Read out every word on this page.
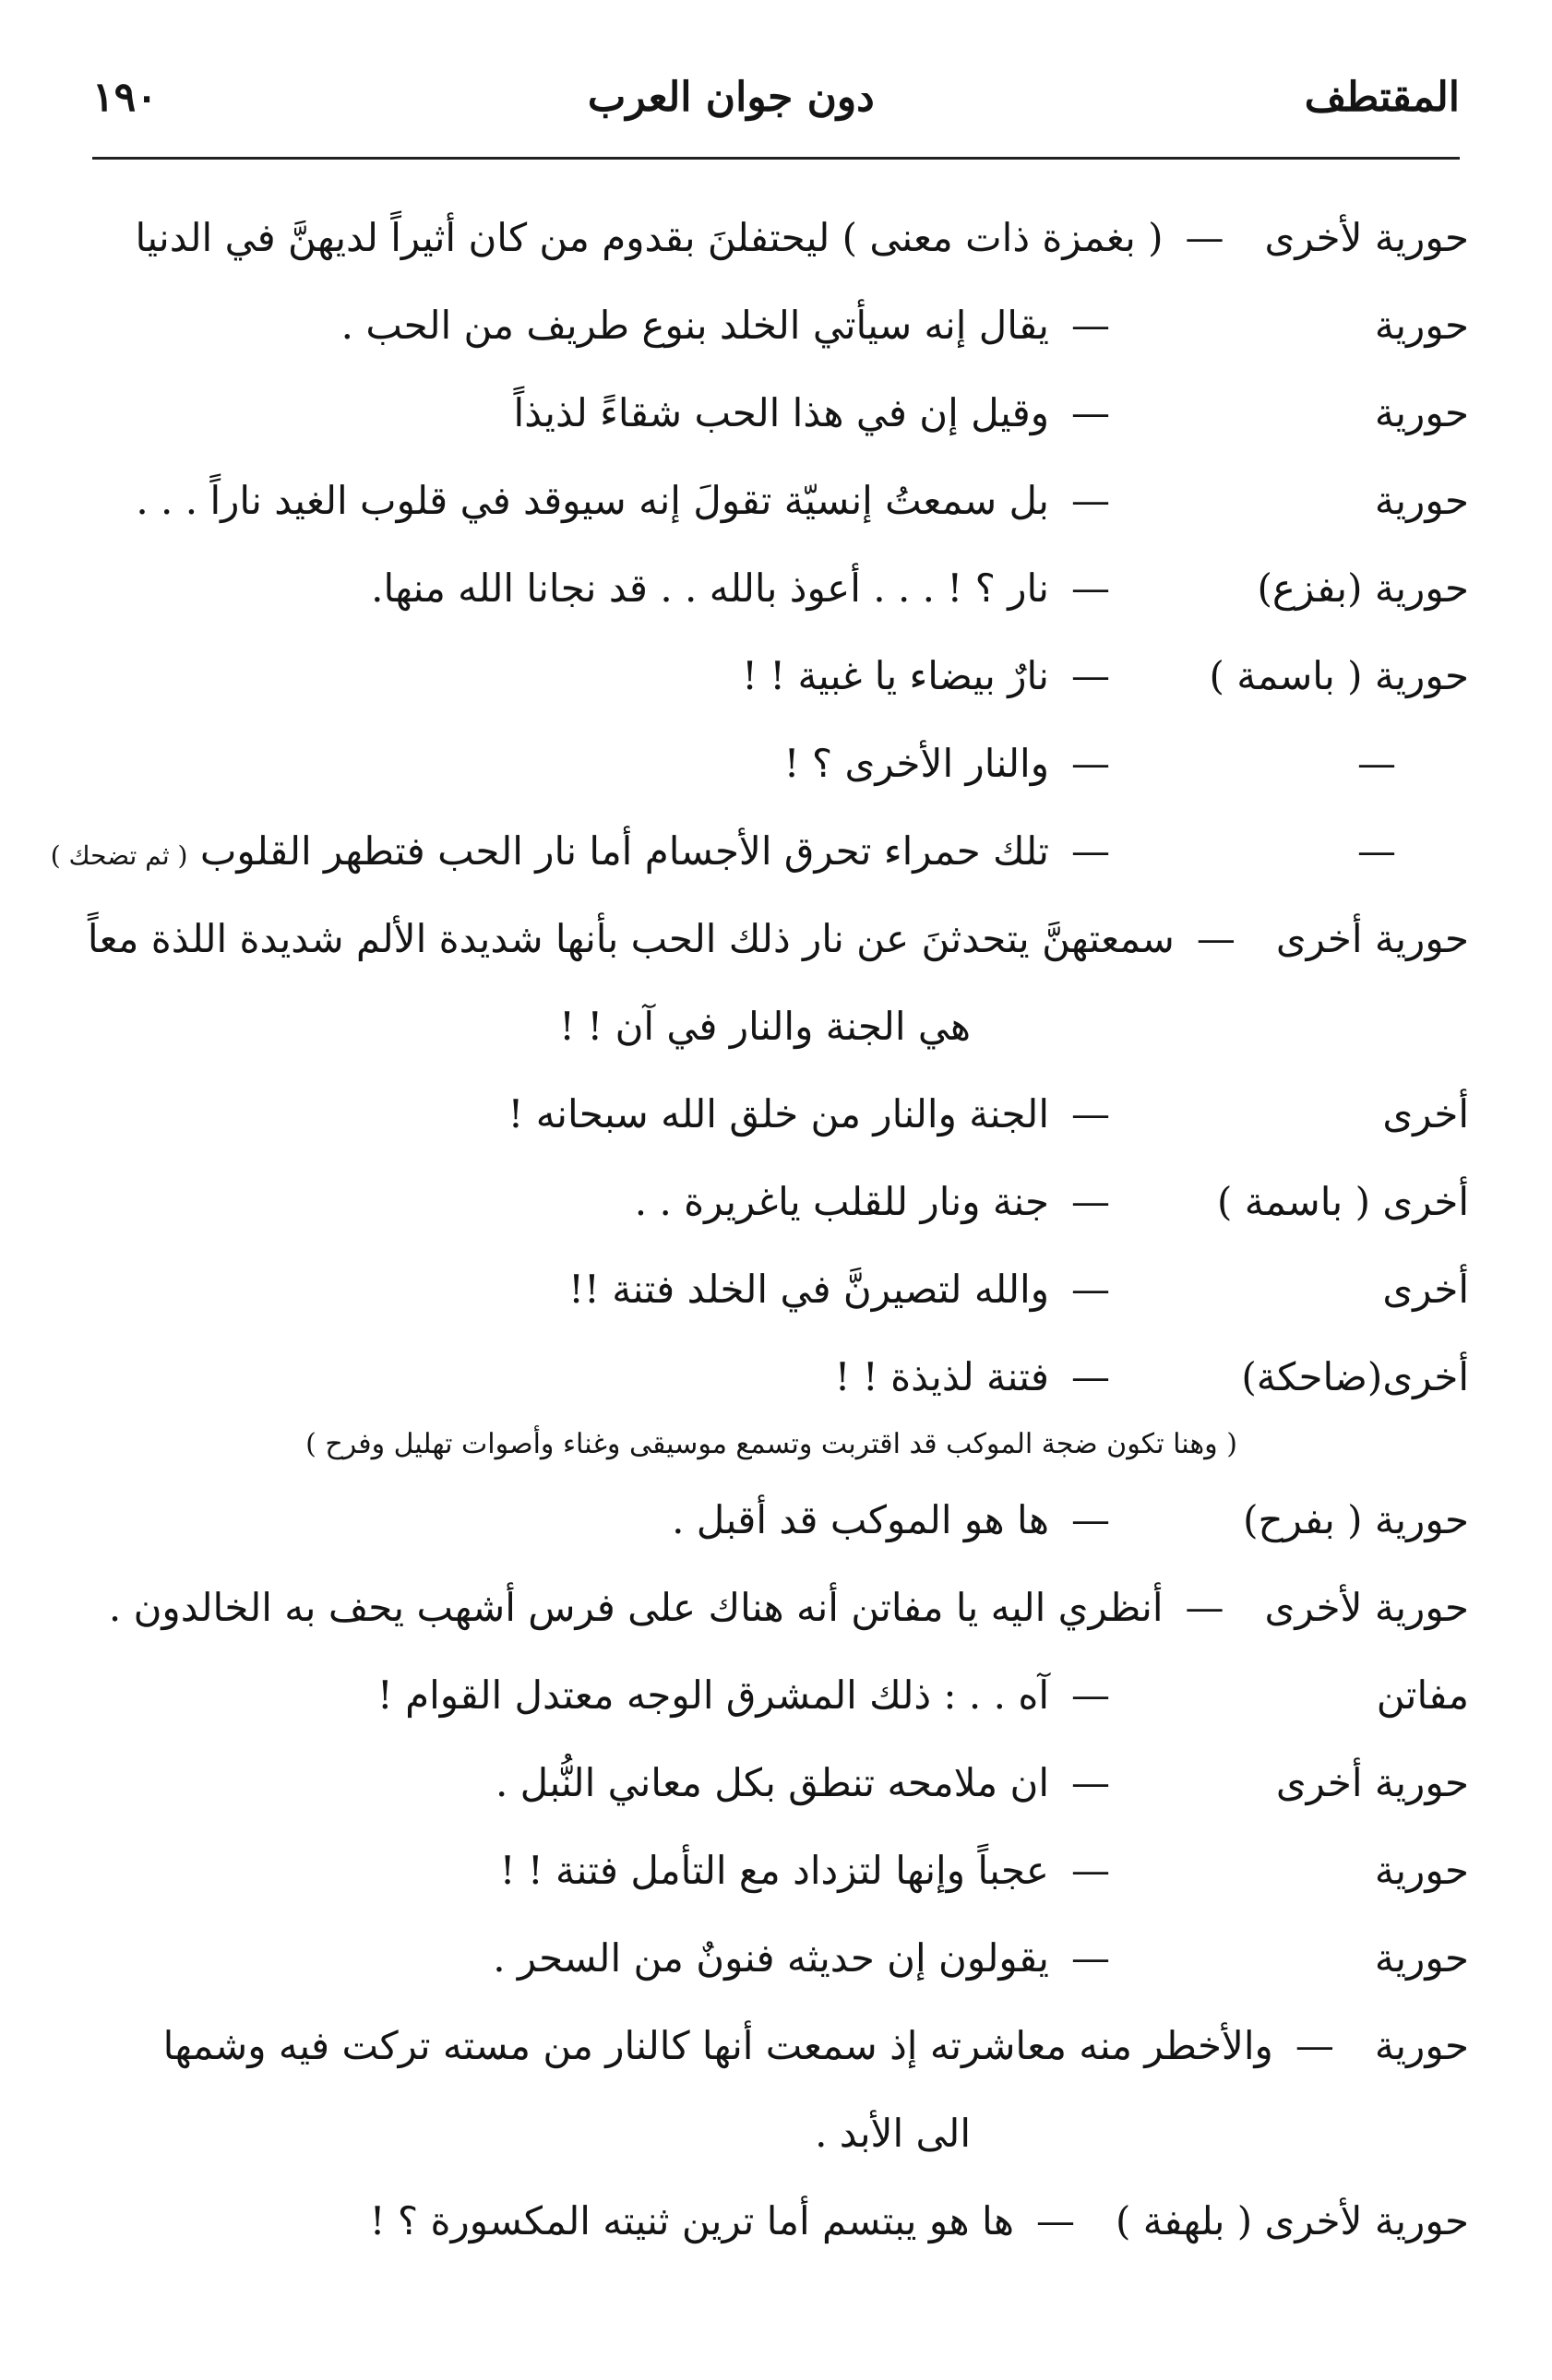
المقتطف
دون جوان العرب
١٩٠
حورية لأخرى
—
( بغمزة ذات معنى ) ليحتفلنَ بقدوم من كان أثيراً لديهنَّ في الدنيا
حورية
—
يقال إنه سيأتي الخلد بنوع طريف من الحب .
حورية
—
وقيل إن في هذا الحب شقاءً لذيذاً
حورية
—
بل سمعتُ إنسيّة تقولَ إنه سيوقد في قلوب الغيد ناراً . . .
حورية (بفزع)
—
نار ؟ ! . . . أعوذ بالله . . قد نجانا الله منها.
حورية ( باسمة )
—
نارٌ بيضاء يا غبية ! !
—
—
والنار الأخرى ؟ !
—
—
تلك حمراء تحرق الأجسام أما نار الحب فتطهر القلوب ( ثم تضحك )
حورية أخرى
—
سمعتهنَّ يتحدثنَ عن نار ذلك الحب بأنها شديدة الألم شديدة اللذة معاً
هي الجنة والنار في آن ! !
أخرى
—
الجنة والنار من خلق الله سبحانه !
أخرى ( باسمة )
—
جنة ونار للقلب ياغريرة . .
أخرى
—
والله لتصيرنَّ في الخلد فتنة !!
أخرى(ضاحكة)
—
فتنة لذيذة ! !
( وهنا تكون ضجة الموكب قد اقتربت وتسمع موسيقى وغناء وأصوات تهليل وفرح )
حورية ( بفرح)
—
ها هو الموكب قد أقبل .
حورية لأخرى
—
أنظري اليه يا مفاتن أنه هناك على فرس أشهب يحف به الخالدون .
مفاتن
—
آه . . : ذلك المشرق الوجه معتدل القوام !
حورية أخرى
—
ان ملامحه تنطق بكل معاني النُّبل .
حورية
—
عجباً وإنها لتزداد مع التأمل فتنة ! !
حورية
—
يقولون إن حديثه فنونٌ من السحر .
حورية
—
والأخطر منه معاشرته إذ سمعت أنها كالنار من مسته تركت فيه وشمها
الى الأبد .
حورية لأخرى ( بلهفة )
—
ها هو يبتسم أما ترين ثنيته المكسورة ؟ !
